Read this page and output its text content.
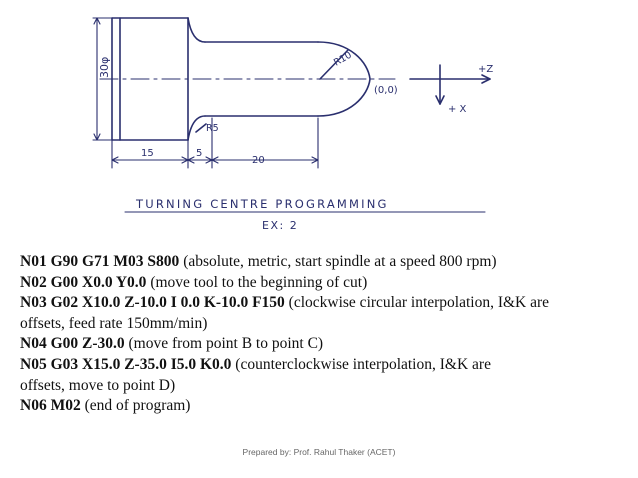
30φ	R10
R5
15	5
20
(0,0)
+Z
+ X
TURNING CENTRE PROGRAMMING
EX: 2
N01 G90 G71 M03 S800 (absolute, metric, start spindle at a speed 800 rpm)
N02 G00 X0.0 Y0.0 (move tool to the beginning of cut)
N03 G02 X10.0 Z-10.0 I 0.0 K-10.0 F150 (clockwise circular interpolation, I&K are
offsets, feed rate 150mm/min)
N04 G00 Z-30.0 (move from point B to point C)
N05 G03 X15.0 Z-35.0 I5.0 K0.0 (counterclockwise interpolation, I&K are
offsets, move to point D)
N06 M02 (end of program)
Prepared by: Prof. Rahul Thaker (ACET)
